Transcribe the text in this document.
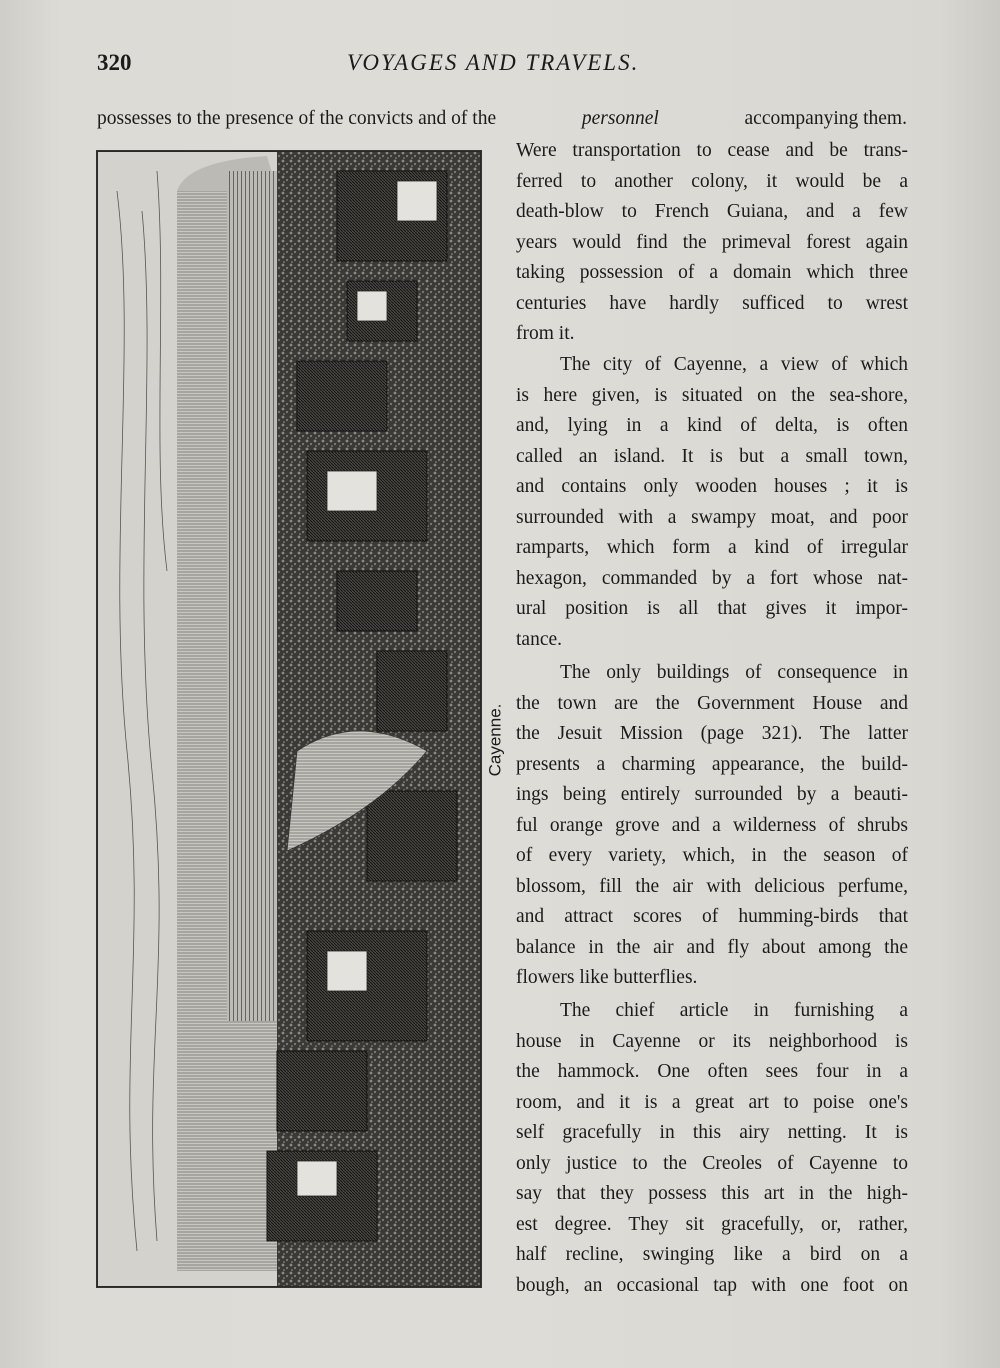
320	VOYAGES AND TRAVELS.
possesses to the presence of the convicts and of the	personnel	accompanying them.
Cayenne.
Were transportation to cease and be trans-
ferred to another colony, it would be a
death-blow to French Guiana, and a few
years would find the primeval forest again
taking possession of a domain which three
centuries have hardly sufficed to wrest
from it.
The city of Cayenne, a view of which
is here given, is situated on the sea-shore,
and, lying in a kind of delta, is often
called an island. It is but a small town,
and contains only wooden houses ; it is
surrounded with a swampy moat, and poor
ramparts, which form a kind of irregular
hexagon, commanded by a fort whose nat-
ural position is all that gives it impor-
tance.
The only buildings of consequence in
the town are the Government House and
the Jesuit Mission (page 321). The latter
presents a charming appearance, the build-
ings being entirely surrounded by a beauti-
ful orange grove and a wilderness of shrubs
of every variety, which, in the season of
blossom, fill the air with delicious perfume,
and attract scores of humming-birds that
balance in the air and fly about among the
flowers like butterflies.
The chief article in furnishing a
house in Cayenne or its neighborhood is
the hammock. One often sees four in a
room, and it is a great art to poise one's
self gracefully in this airy netting. It is
only justice to the Creoles of Cayenne to
say that they possess this art in the high-
est degree. They sit gracefully, or, rather,
half recline, swinging like a bird on a
bough, an occasional tap with one foot on
